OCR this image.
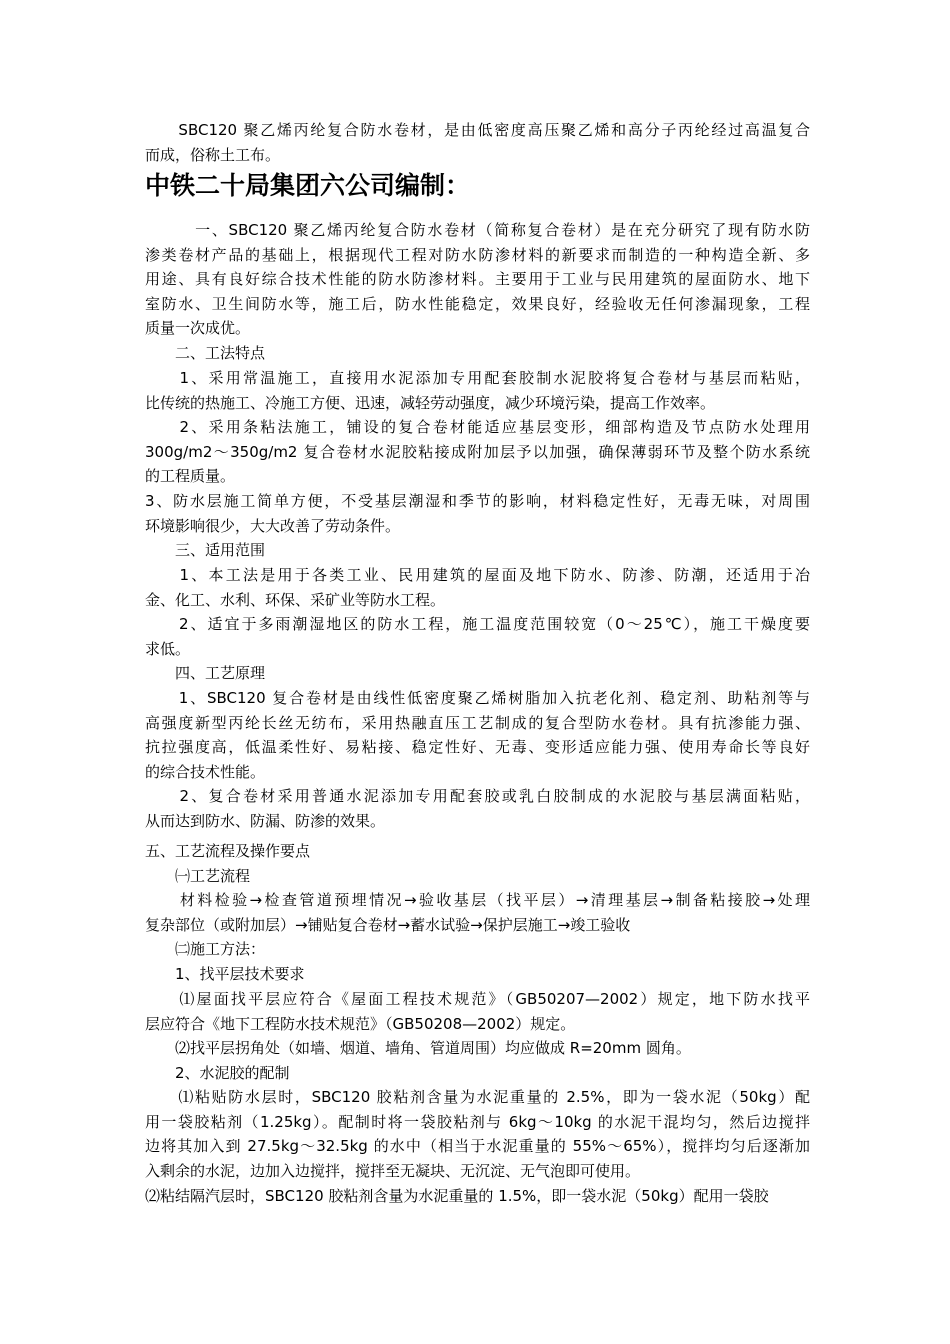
　　SBC120 聚乙烯丙纶复合防水卷材，是由低密度高压聚乙烯和高分子丙纶经过高温复合
而成，俗称土工布。
中铁二十局集团六公司编制：
　　　一、SBC120 聚乙烯丙纶复合防水卷材（简称复合卷材）是在充分研究了现有防水防
渗类卷材产品的基础上，根据现代工程对防水防渗材料的新要求而制造的一种构造全新、多
用途、具有良好综合技术性能的防水防渗材料。主要用于工业与民用建筑的屋面防水、地下
室防水、卫生间防水等，施工后，防水性能稳定，效果良好，经验收无任何渗漏现象，工程
质量一次成优。
　　二、工法特点
　　1、采用常温施工，直接用水泥添加专用配套胶制水泥胶将复合卷材与基层而粘贴，
比传统的热施工、冷施工方便、迅速，减轻劳动强度，减少环境污染，提高工作效率。
　　2、采用条粘法施工，铺设的复合卷材能适应基层变形，细部构造及节点防水处理用
300g/m2～350g/m2 复合卷材水泥胶粘接成附加层予以加强，确保薄弱环节及整个防水系统
的工程质量。
3、防水层施工简单方便，不受基层潮湿和季节的影响，材料稳定性好，无毒无味，对周围
环境影响很少，大大改善了劳动条件。
　　三、适用范围
　　1、本工法是用于各类工业、民用建筑的屋面及地下防水、防渗、防潮，还适用于冶
金、化工、水利、环保、采矿业等防水工程。
　　2、适宜于多雨潮湿地区的防水工程，施工温度范围较宽（0～25℃），施工干燥度要
求低。
　　四、工艺原理
　　1、SBC120 复合卷材是由线性低密度聚乙烯树脂加入抗老化剂、稳定剂、助粘剂等与
高强度新型丙纶长丝无纺布，采用热融直压工艺制成的复合型防水卷材。具有抗渗能力强、
抗拉强度高，低温柔性好、易粘接、稳定性好、无毒、变形适应能力强、使用寿命长等良好
的综合技术性能。
　　2、复合卷材采用普通水泥添加专用配套胶或乳白胶制成的水泥胶与基层满面粘贴，
从而达到防水、防漏、防渗的效果。
五、工艺流程及操作要点
　　㈠工艺流程
　　材料检验→检查管道预埋情况→验收基层（找平层）→清理基层→制备粘接胶→处理
复杂部位（或附加层）→铺贴复合卷材→蓄水试验→保护层施工→竣工验收
　　㈡施工方法：
　　1、找平层技术要求
　　⑴屋面找平层应符合《屋面工程技术规范》（GB50207—2002）规定，地下防水找平
层应符合《地下工程防水技术规范》（GB50208—2002）规定。
　　⑵找平层拐角处（如墙、烟道、墙角、管道周围）均应做成 R=20mm 圆角。
　　2、水泥胶的配制
　　⑴粘贴防水层时，SBC120 胶粘剂含量为水泥重量的 2.5%，即为一袋水泥（50kg）配
用一袋胶粘剂（1.25kg）。配制时将一袋胶粘剂与 6kg～10kg 的水泥干混均匀，然后边搅拌
边将其加入到 27.5kg～32.5kg 的水中（相当于水泥重量的 55%～65%），搅拌均匀后逐渐加
入剩余的水泥，边加入边搅拌，搅拌至无凝块、无沉淀、无气泡即可使用。
⑵粘结隔汽层时，SBC120 胶粘剂含量为水泥重量的 1.5%，即一袋水泥（50kg）配用一袋胶
